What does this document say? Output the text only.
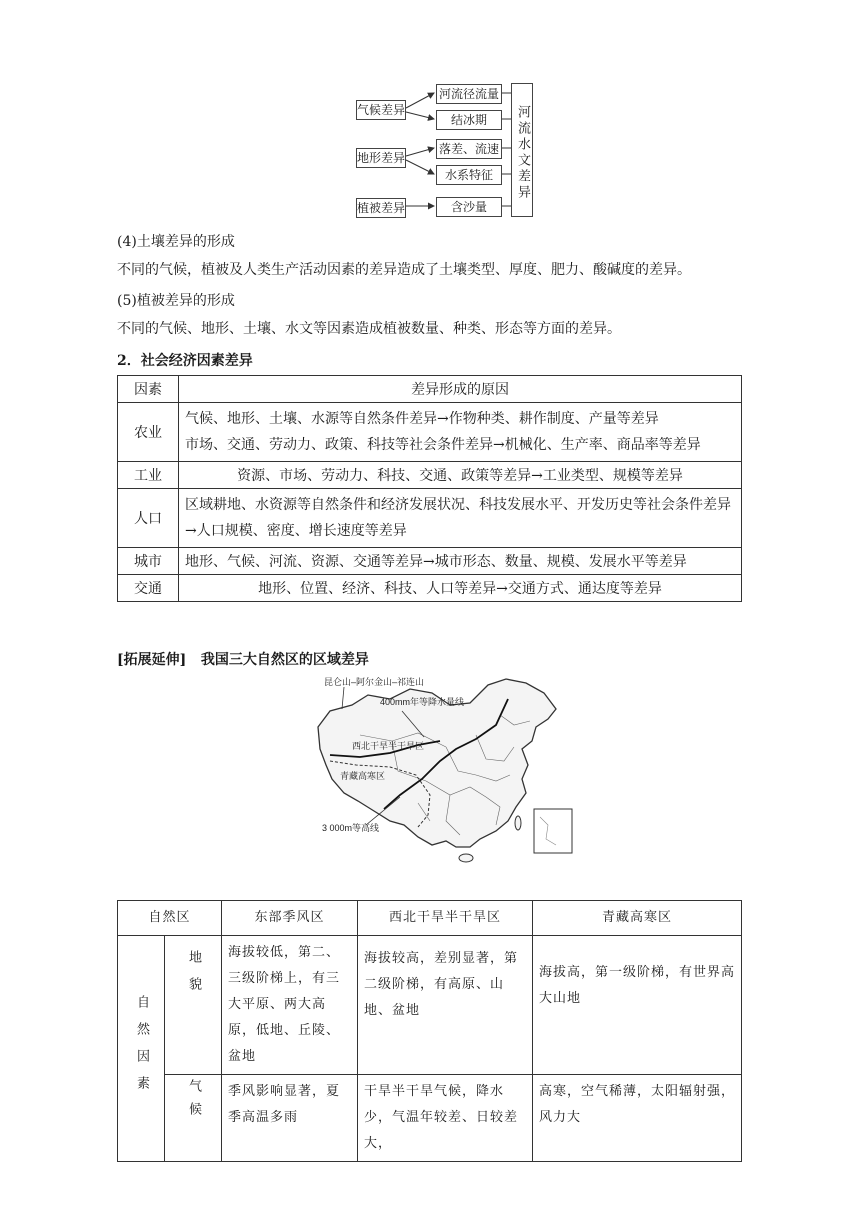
气候差异
地形差异
植被差异
河流径流量
结冰期
落差、流速
水系特征
含沙量
河流水文差异
(4)土壤差异的形成
不同的气候，植被及人类生产活动因素的差异造成了土壤类型、厚度、肥力、酸碱度的差异。
(5)植被差异的形成
不同的气候、地形、土壤、水文等因素造成植被数量、种类、形态等方面的差异。
2．社会经济因素差异
因素	差异形成的原因
农业	气候、地形、土壤、水源等自然条件差异→作物种类、耕作制度、产量等差异
市场、交通、劳动力、政策、科技等社会条件差异→机械化、生产率、商品率等差异

工业	资源、市场、劳动力、科技、交通、政策等差异→工业类型、规模等差异
人口	区域耕地、水资源等自然条件和经济发展状况、科技发展水平、开发历史等社会条件差异→人口规模、密度、增长速度等差异
城市	地形、气候、河流、资源、交通等差异→城市形态、数量、规模、发展水平等差异
交通	地形、位置、经济、科技、人口等差异→交通方式、通达度等差异
[拓展延伸] 我国三大自然区的区域差异
昆仑山–阿尔金山–祁连山
400mm年等降水量线
西北干旱半干旱区
青藏高寒区
3 000m等高线
自然区		东部季风区	西北干旱半干旱区	青藏高寒区

自然因素	地貌	海拔较低，第二、三级阶梯上，有三大平原、两大高原，低地、丘陵、盆地	海拔较高，差别显著，第二级阶梯，有高原、山地、盆地	海拔高，第一级阶梯，有世界高大山地

	气候	季风影响显著，夏季高温多雨	干旱半干旱气候，降水少，气温年较差、日较差大，	高寒，空气稀薄，太阳辐射强，风力大
